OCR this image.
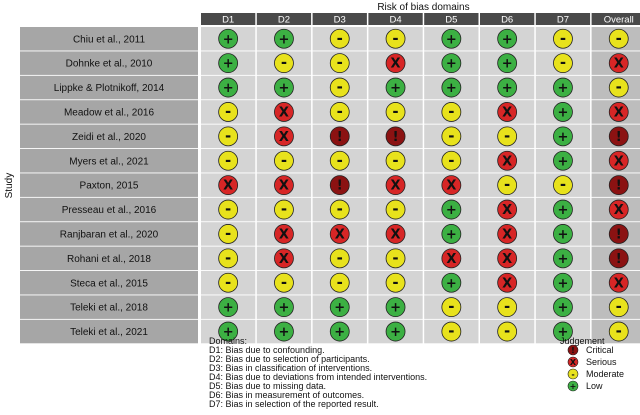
Risk of bias domains
Study
D1	D2	D3	D4	D5	D6	D7	Overall
Chiu et al., 2011	+	+	-	-	+	+	-	-
Dohnke et al., 2010	+	-	-	X	+	+	-	X
Lippke & Plotnikoff, 2014	+	+	-	+	+	+	+	-
Meadow et al., 2016	-	X	-	-	-	X	+	X
Zeidi et al., 2020	-	X	!	!	-	-	+	!
Myers et al., 2021	-	-	-	-	-	X	+	X
Paxton, 2015	X	X	!	X	X	-	-	!
Presseau et al., 2016	-	-	-	-	+	X	+	X
Ranjbaran et al., 2020	-	X	X	X	+	X	+	!
Rohani et al., 2018	-	X	-	-	X	X	+	!
Steca et al., 2015	-	-	-	-	+	X	+	X
Teleki et al., 2018	+	+	+	+	-	-	+	-
Teleki et al., 2021	+	+	+	+	-	-	+	-
!
X
-
+
Domains:
D1: Bias due to confounding.
D2: Bias due to selection of participants.
D3: Bias in classification of interventions.
D4: Bias due to deviations from intended interventions.
D5: Bias due to missing data.
D6: Bias in measurement of outcomes.
D7: Bias in selection of the reported result.
Judgement
Critical
Serious
Moderate
Low
